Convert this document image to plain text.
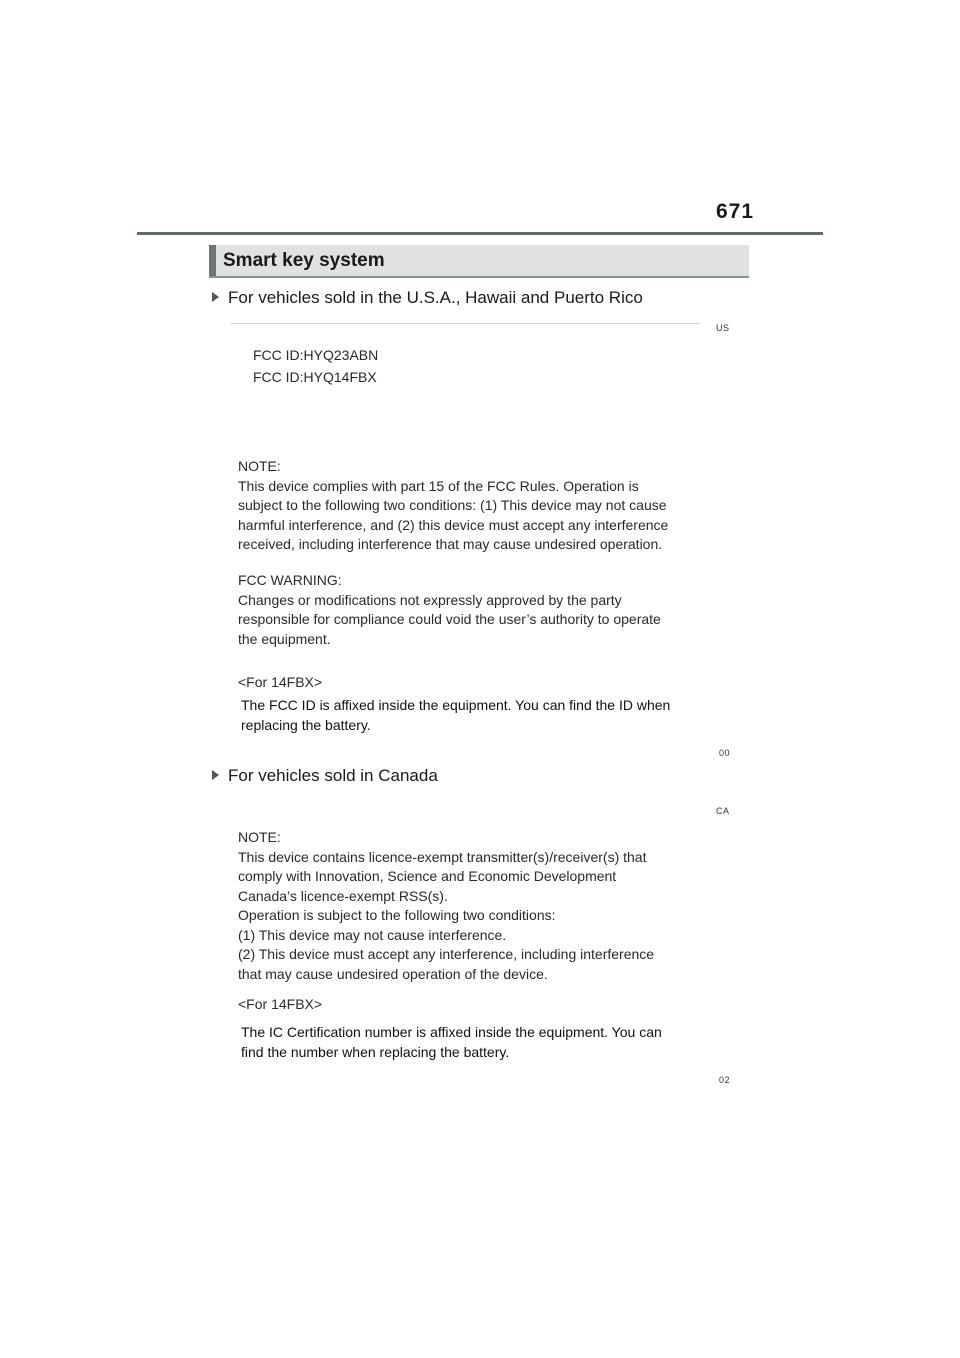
671
Smart key system
For vehicles sold in the U.S.A., Hawaii and Puerto Rico
US
FCC ID:HYQ23ABN
FCC ID:HYQ14FBX
NOTE:
This device complies with part 15 of the FCC Rules. Operation is
subject to the following two conditions: (1) This device may not cause
harmful interference, and (2) this device must accept any interference
received, including interference that may cause undesired operation.
FCC WARNING:
Changes or modifications not expressly approved by the party
responsible for compliance could void the user’s authority to operate
the equipment.
<For 14FBX>
The FCC ID is affixed inside the equipment. You can find the ID when
replacing the battery.
00
For vehicles sold in Canada
CA
NOTE:
This device contains licence-exempt transmitter(s)/receiver(s) that
comply with Innovation, Science and Economic Development
Canada’s licence-exempt RSS(s).
Operation is subject to the following two conditions:
(1) This device may not cause interference.
(2) This device must accept any interference, including interference
that may cause undesired operation of the device.
<For 14FBX>
The IC Certification number is affixed inside the equipment. You can
find the number when replacing the battery.
02
